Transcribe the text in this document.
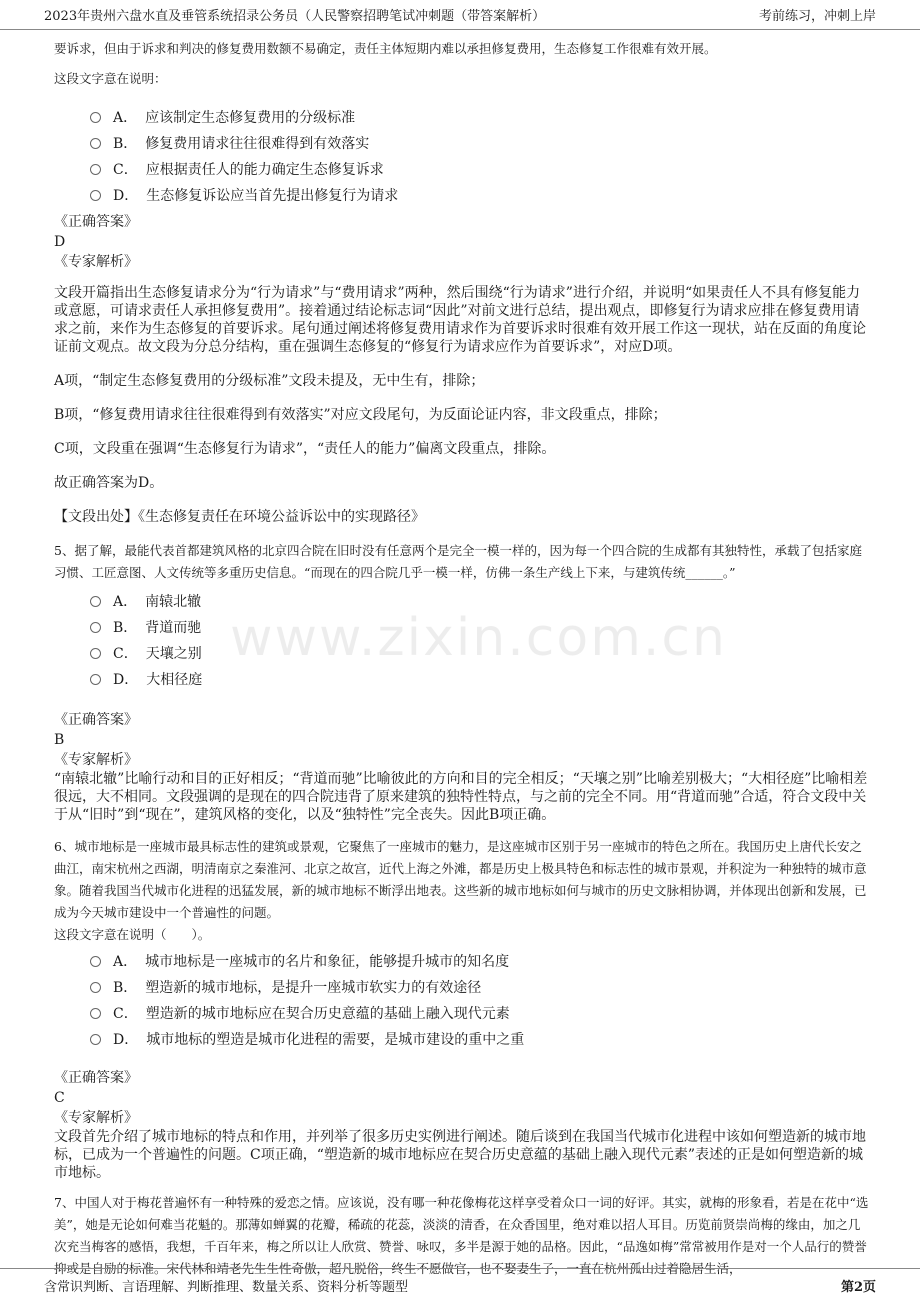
2023年贵州六盘水直及垂管系统招录公务员（人民警察招聘笔试冲刺题（带答案解析）	考前练习，冲刺上岸
www.zixin.com.cn
要诉求，但由于诉求和判决的修复费用数额不易确定，责任主体短期内难以承担修复费用，生态修复工作很难有效开展。
这段文字意在说明：
A． 应该制定生态修复费用的分级标准
B． 修复费用请求往往很难得到有效落实
C． 应根据责任人的能力确定生态修复诉求
D． 生态修复诉讼应当首先提出修复行为请求
《正确答案》
D
《专家解析》
文段开篇指出生态修复请求分为“行为请求”与“费用请求”两种，然后围绕“行为请求”进行介绍，并说明“如果责任人不具有修复能力或意愿，可请求责任人承担修复费用”。接着通过结论标志词“因此”对前文进行总结，提出观点，即修复行为请求应排在修复费用请求之前，来作为生态修复的首要诉求。尾句通过阐述将修复费用请求作为首要诉求时很难有效开展工作这一现状，站在反面的角度论证前文观点。故文段为分总分结构，重在强调生态修复的“修复行为请求应作为首要诉求”，对应D项。
A项，“制定生态修复费用的分级标准”文段未提及，无中生有，排除；
B项，“修复费用请求往往很难得到有效落实”对应文段尾句，为反面论证内容，非文段重点，排除；
C项，文段重在强调“生态修复行为请求”，“责任人的能力”偏离文段重点，排除。
故正确答案为D。
【文段出处】《生态修复责任在环境公益诉讼中的实现路径》
5、据了解，最能代表首都建筑风格的北京四合院在旧时没有任意两个是完全一模一样的，因为每一个四合院的生成都有其独特性，承载了包括家庭习惯、工匠意图、人文传统等多重历史信息。“而现在的四合院几乎一模一样，仿佛一条生产线上下来，与建筑传统______。”
A． 南辕北辙
B． 背道而驰
C． 天壤之别
D． 大相径庭
《正确答案》
B
《专家解析》
“南辕北辙”比喻行动和目的正好相反；“背道而驰”比喻彼此的方向和目的完全相反；“天壤之别”比喻差别极大；“大相径庭”比喻相差很远，大不相同。文段强调的是现在的四合院违背了原来建筑的独特性特点，与之前的完全不同。用“背道而驰”合适，符合文段中关于从“旧时”到“现在”，建筑风格的变化，以及“独特性”完全丧失。因此B项正确。
6、城市地标是一座城市最具标志性的建筑或景观，它聚焦了一座城市的魅力，是这座城市区别于另一座城市的特色之所在。我国历史上唐代长安之曲江，南宋杭州之西湖，明清南京之秦淮河、北京之故宫，近代上海之外滩，都是历史上极具特色和标志性的城市景观，并积淀为一种独特的城市意象。随着我国当代城市化进程的迅猛发展，新的城市地标不断浮出地表。这些新的城市地标如何与城市的历史文脉相协调，并体现出创新和发展，已成为今天城市建设中一个普遍性的问题。
这段文字意在说明（　　）。
A． 城市地标是一座城市的名片和象征，能够提升城市的知名度
B． 塑造新的城市地标，是提升一座城市软实力的有效途径
C． 塑造新的城市地标应在契合历史意蕴的基础上融入现代元素
D． 城市地标的塑造是城市化进程的需要，是城市建设的重中之重
《正确答案》
C
《专家解析》
文段首先介绍了城市地标的特点和作用，并列举了很多历史实例进行阐述。随后谈到在我国当代城市化进程中该如何塑造新的城市地标，已成为一个普遍性的问题。C项正确，“塑造新的城市地标应在契合历史意蕴的基础上融入现代元素”表述的正是如何塑造新的城市地标。
7、中国人对于梅花普遍怀有一种特殊的爱恋之情。应该说，没有哪一种花像梅花这样享受着众口一词的好评。其实，就梅的形象看，若是在花中“选美”，她是无论如何难当花魁的。那薄如蝉翼的花瓣，稀疏的花蕊，淡淡的清香，在众香国里，绝对难以招人耳目。历览前贤崇尚梅的缘由，加之几次充当梅客的感悟，我想，千百年来，梅之所以让人欣赏、赞誉、咏叹，多半是源于她的品格。因此，“品逸如梅”常常被用作是对一个人品行的赞誉抑或是自励的标准。宋代林和靖老先生生性奇傲，超凡脱俗，终生不愿做官，也不娶妻生子，一直在杭州孤山过着隐居生活，
含常识判断、言语理解、判断推理、数量关系、资料分析等题型	第2页
